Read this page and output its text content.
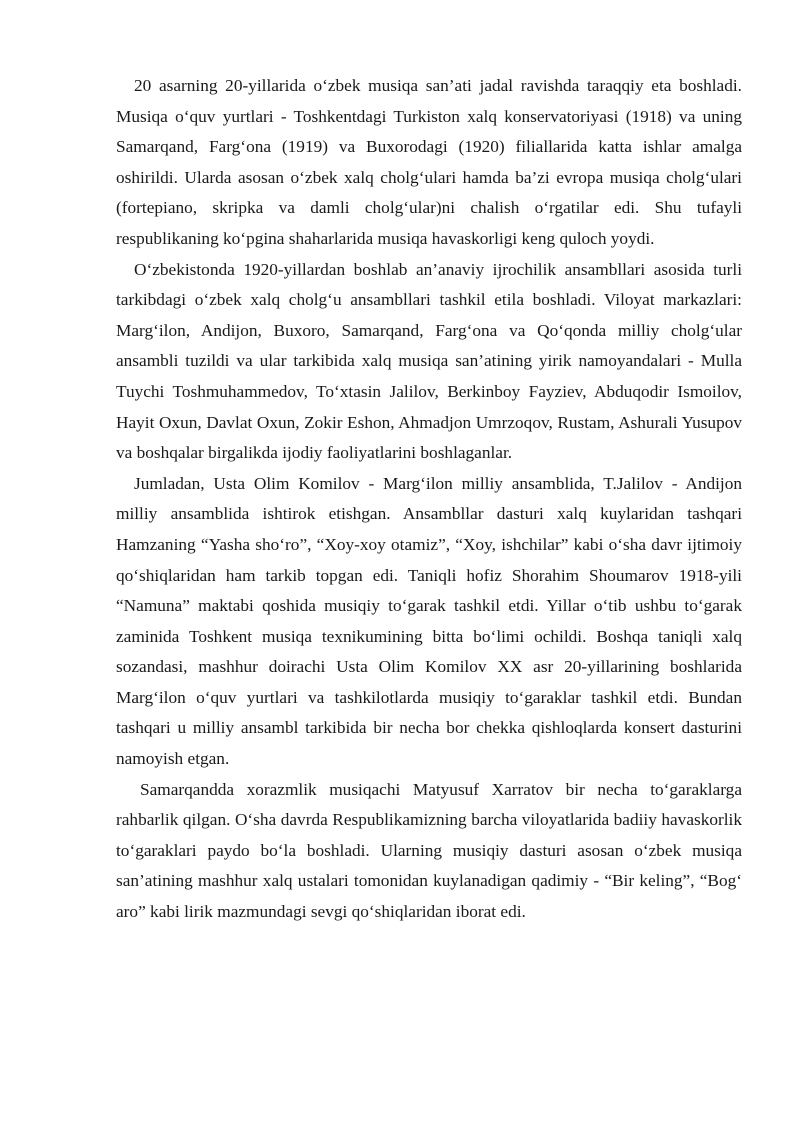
20 asarning 20-yillarida o‘zbek musiqa san’ati jadal ravishda taraqqiy eta boshladi. Musiqa o‘quv yurtlari - Toshkentdagi Turkiston xalq konservatoriyasi (1918) va uning Samarqand, Farg‘ona (1919) va Buxorodagi (1920) filiallarida katta ishlar amalga oshirildi. Ularda asosan o‘zbek xalq cholg‘ulari hamda ba’zi evropa musiqa cholg‘ulari (fortepiano, skripka va damli cholg‘ular)ni chalish o‘rgatilar edi. Shu tufayli respublikaning ko‘pgina shaharlarida musiqa havaskorligi keng quloch yoydi.

O‘zbekistonda 1920-yillardan boshlab an’anaviy ijrochilik ansambllari asosida turli tarkibdagi o‘zbek xalq cholg‘u ansambllari tashkil etila boshladi. Viloyat markazlari: Marg‘ilon, Andijon, Buxoro, Samarqand, Farg‘ona va Qo‘qonda milliy cholg‘ular ansambli tuzildi va ular tarkibida xalq musiqa san’atining yirik namoyandalari - Mulla Tuychi Toshmuhammedov, To‘xtasin Jalilov, Berkinboy Fayziev, Abduqodir Ismoilov, Hayit Oxun, Davlat Oxun, Zokir Eshon, Ahmadjon Umrzoqov, Rustam, Ashurali Yusupov va boshqalar birgalikda ijodiy faoliyatlarini boshlaganlar.

Jumladan, Usta Olim Komilov - Marg‘ilon milliy ansamblida, T.Jalilov - Andijon milliy ansamblida ishtirok etishgan. Ansambllar dasturi xalq kuylaridan tashqari Hamzaning “Yasha sho‘ro”, “Xoy-xoy otamiz”, “Xoy, ishchilar” kabi o‘sha davr ijtimoiy qo‘shiqlaridan ham tarkib topgan edi. Taniqli hofiz Shorahim Shoumarov 1918-yili “Namuna” maktabi qoshida musiqiy to‘garak tashkil etdi. Yillar o‘tib ushbu to‘garak zaminida Toshkent musiqa texnikumining bitta bo‘limi ochildi. Boshqa taniqli xalq sozandasi, mashhur doirachi Usta Olim Komilov XX asr 20-yillarining boshlarida Marg‘ilon o‘quv yurtlari va tashkilotlarda musiqiy to‘garaklar tashkil etdi. Bundan tashqari u milliy ansambl tarkibida bir necha bor chekka qishloqlarda konsert dasturini namoyish etgan.

Samarqandda xorazmlik musiqachi Matyusuf Xarratov bir necha to‘garaklarga rahbarlik qilgan. O‘sha davrda Respublikamizning barcha viloyatlarida badiiy havaskorlik to‘garaklari paydo bo‘la boshladi. Ularning musiqiy dasturi asosan o‘zbek musiqa san’atining mashhur xalq ustalari tomonidan kuylanadigan qadimiy - “Bir keling”, “Bog‘ aro” kabi lirik mazmundagi sevgi qo‘shiqlaridan iborat edi.
